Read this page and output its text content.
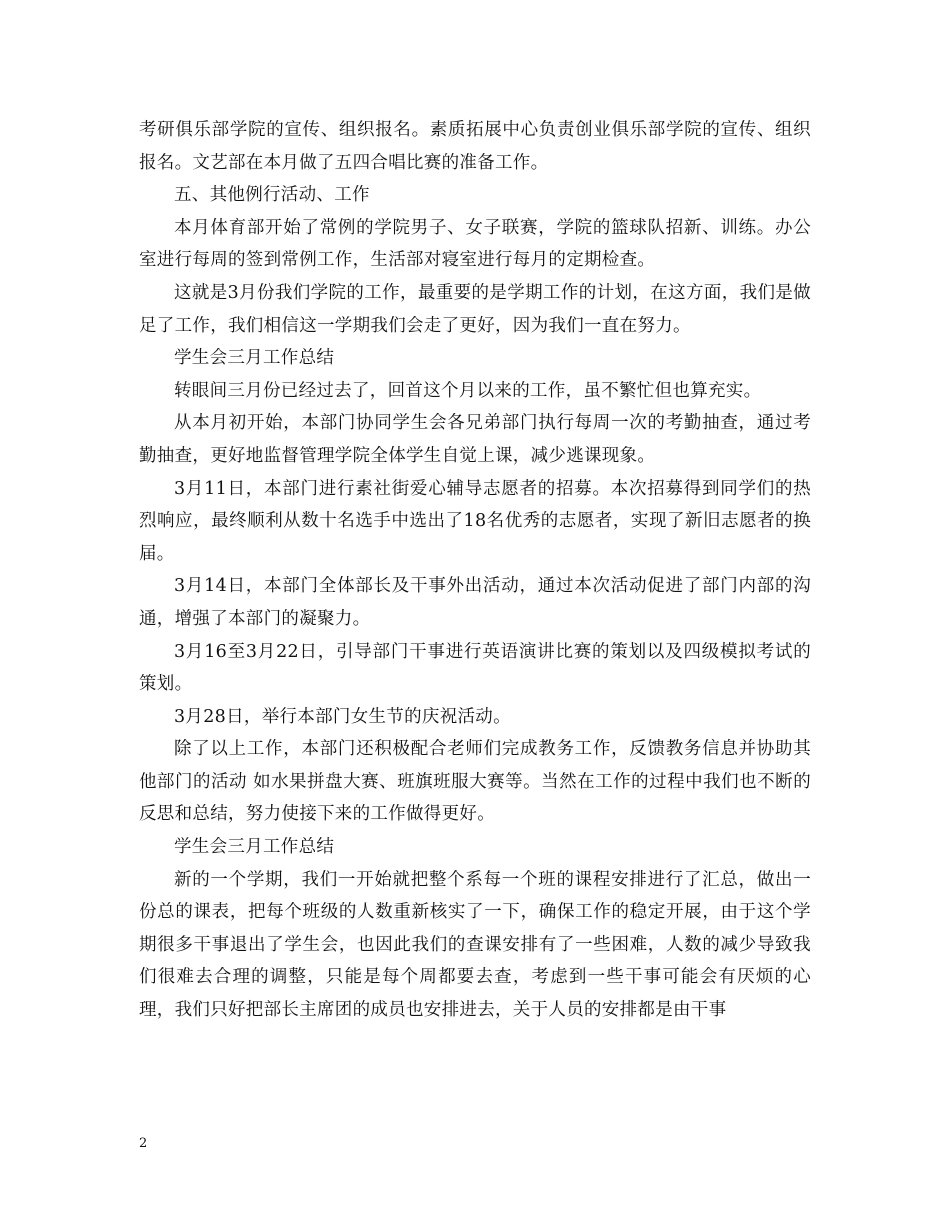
考研俱乐部学院的宣传、组织报名。素质拓展中心负责创业俱乐部学院的宣传、组织报名。文艺部在本月做了五四合唱比赛的准备工作。

五、其他例行活动、工作

本月体育部开始了常例的学院男子、女子联赛，学院的篮球队招新、训练。办公室进行每周的签到常例工作，生活部对寝室进行每月的定期检查。

这就是3月份我们学院的工作，最重要的是学期工作的计划，在这方面，我们是做足了工作，我们相信这一学期我们会走了更好，因为我们一直在努力。

学生会三月工作总结

转眼间三月份已经过去了，回首这个月以来的工作，虽不繁忙但也算充实。

从本月初开始，本部门协同学生会各兄弟部门执行每周一次的考勤抽查，通过考勤抽查，更好地监督管理学院全体学生自觉上课，减少逃课现象。

3月11日，本部门进行素社街爱心辅导志愿者的招募。本次招募得到同学们的热烈响应，最终顺利从数十名选手中选出了18名优秀的志愿者，实现了新旧志愿者的换届。

3月14日，本部门全体部长及干事外出活动，通过本次活动促进了部门内部的沟通，增强了本部门的凝聚力。

3月16至3月22日，引导部门干事进行英语演讲比赛的策划以及四级模拟考试的策划。

3月28日，举行本部门女生节的庆祝活动。

除了以上工作，本部门还积极配合老师们完成教务工作，反馈教务信息并协助其他部门的活动 如水果拼盘大赛、班旗班服大赛等。当然在工作的过程中我们也不断的反思和总结，努力使接下来的工作做得更好。

学生会三月工作总结

新的一个学期，我们一开始就把整个系每一个班的课程安排进行了汇总，做出一份总的课表，把每个班级的人数重新核实了一下，确保工作的稳定开展，由于这个学期很多干事退出了学生会，也因此我们的查课安排有了一些困难，人数的减少导致我们很难去合理的调整，只能是每个周都要去查，考虑到一些干事可能会有厌烦的心理，我们只好把部长主席团的成员也安排进去，关于人员的安排都是由干事

2
